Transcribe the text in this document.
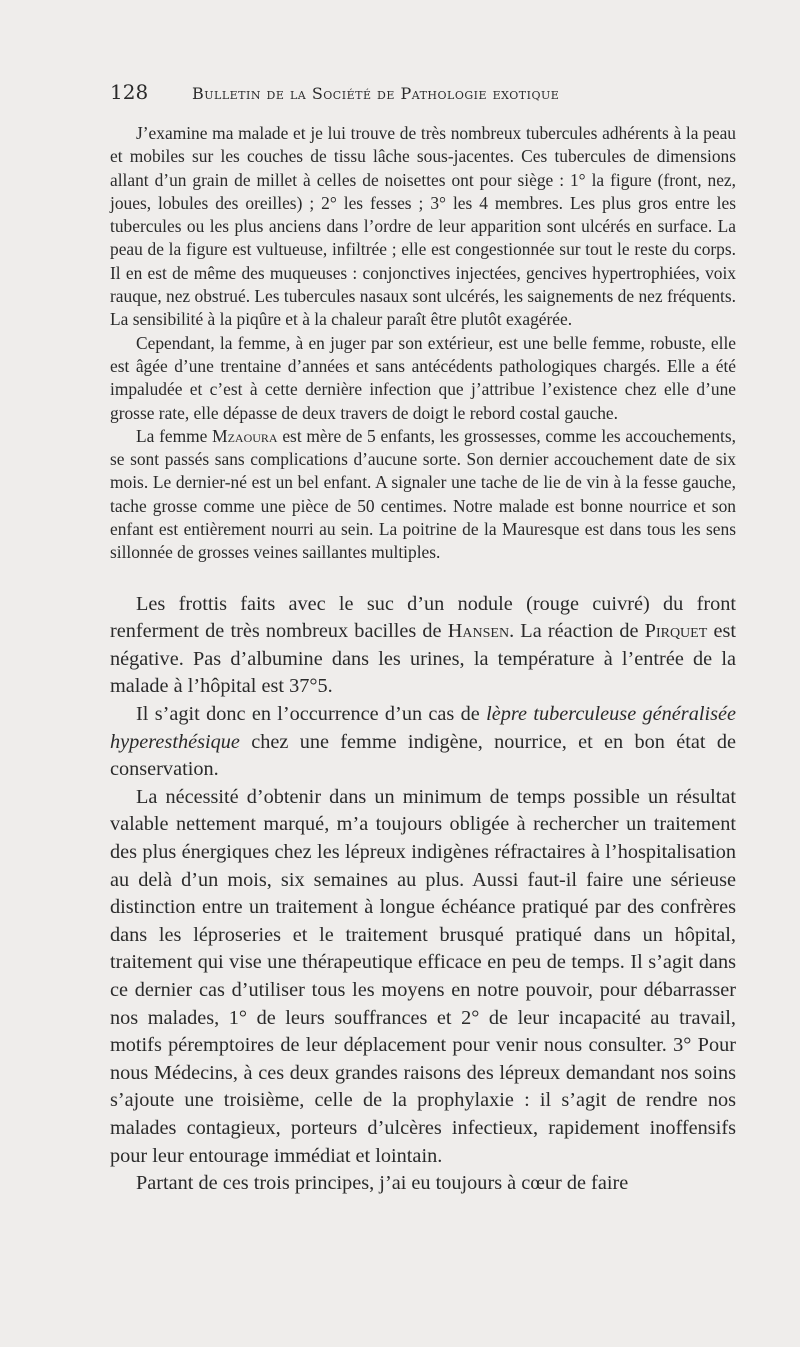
128	Bulletin de la Société de Pathologie exotique

J’examine ma malade et je lui trouve de très nombreux tubercules adhérents à la peau et mobiles sur les couches de tissu lâche sous-jacentes. Ces tubercules de dimensions allant d’un grain de millet à celles de noisettes ont pour siège : 1° la figure (front, nez, joues, lobules des oreilles) ; 2° les fesses ; 3° les 4 membres. Les plus gros entre les tubercules ou les plus anciens dans l’ordre de leur apparition sont ulcérés en surface. La peau de la figure est vultueuse, infiltrée ; elle est congestionnée sur tout le reste du corps. Il en est de même des muqueuses : conjonctives injectées, gencives hypertrophiées, voix rauque, nez obstrué. Les tubercules nasaux sont ulcérés, les saignements de nez fréquents. La sensibilité à la piqûre et à la chaleur paraît être plutôt exagérée.

Cependant, la femme, à en juger par son extérieur, est une belle femme, robuste, elle est âgée d’une trentaine d’années et sans antécédents pathologiques chargés. Elle a été impaludée et c’est à cette dernière infection que j’attribue l’existence chez elle d’une grosse rate, elle dépasse de deux travers de doigt le rebord costal gauche.

La femme Mzaoura est mère de 5 enfants, les grossesses, comme les accouchements, se sont passés sans complications d’aucune sorte. Son dernier accouchement date de six mois. Le dernier-né est un bel enfant. A signaler une tache de lie de vin à la fesse gauche, tache grosse comme une pièce de 50 centimes. Notre malade est bonne nourrice et son enfant est entièrement nourri au sein. La poitrine de la Mauresque est dans tous les sens sillonnée de grosses veines saillantes multiples.

Les frottis faits avec le suc d’un nodule (rouge cuivré) du front renferment de très nombreux bacilles de Hansen. La réaction de Pirquet est négative. Pas d’albumine dans les urines, la température à l’entrée de la malade à l’hôpital est 37°5.

Il s’agit donc en l’occurrence d’un cas de lèpre tuberculeuse généralisée hyperesthésique chez une femme indigène, nourrice, et en bon état de conservation.

La nécessité d’obtenir dans un minimum de temps possible un résultat valable nettement marqué, m’a toujours obligée à rechercher un traitement des plus énergiques chez les lépreux indigènes réfractaires à l’hospitalisation au delà d’un mois, six semaines au plus. Aussi faut-il faire une sérieuse distinction entre un traitement à longue échéance pratiqué par des confrères dans les léproseries et le traitement brusqué pratiqué dans un hôpital, traitement qui vise une thérapeutique efficace en peu de temps. Il s’agit dans ce dernier cas d’utiliser tous les moyens en notre pouvoir, pour débarrasser nos malades, 1° de leurs souffrances et 2° de leur incapacité au travail, motifs péremptoires de leur déplacement pour venir nous consulter. 3° Pour nous Médecins, à ces deux grandes raisons des lépreux demandant nos soins s’ajoute une troisième, celle de la prophylaxie : il s’agit de rendre nos malades contagieux, porteurs d’ulcères infectieux, rapidement inoffensifs pour leur entourage immédiat et lointain.

Partant de ces trois principes, j’ai eu toujours à cœur de faire
